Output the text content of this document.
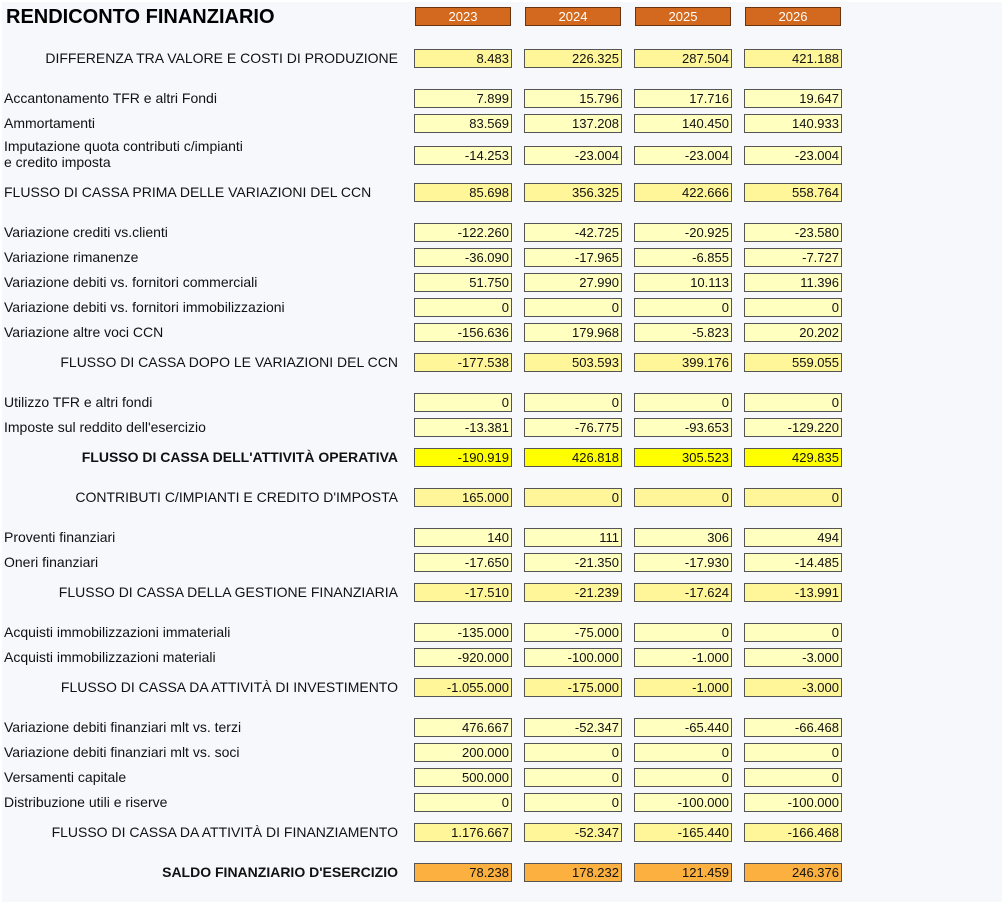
RENDICONTO FINANZIARIO	2023	2024	2025	2026
DIFFERENZA TRA VALORE E COSTI DI PRODUZIONE	8.483	226.325	287.504	421.188
Accantonamento TFR e altri Fondi	7.899	15.796	17.716	19.647
Ammortamenti	83.569	137.208	140.450	140.933
Imputazione quota contributi c/impianti
e credito imposta	-14.253	-23.004	-23.004	-23.004
FLUSSO DI CASSA PRIMA DELLE VARIAZIONI DEL CCN	85.698	356.325	422.666	558.764
Variazione crediti vs.clienti	-122.260	-42.725	-20.925	-23.580
Variazione rimanenze	-36.090	-17.965	-6.855	-7.727
Variazione debiti vs. fornitori commerciali	51.750	27.990	10.113	11.396
Variazione debiti vs. fornitori immobilizzazioni	0	0	0	0
Variazione altre voci CCN	-156.636	179.968	-5.823	20.202
FLUSSO DI CASSA DOPO LE VARIAZIONI DEL CCN	-177.538	503.593	399.176	559.055
Utilizzo TFR e altri fondi	0	0	0	0
Imposte sul reddito dell'esercizio	-13.381	-76.775	-93.653	-129.220
FLUSSO DI CASSA DELL'ATTIVITÀ OPERATIVA	-190.919	426.818	305.523	429.835
CONTRIBUTI C/IMPIANTI E CREDITO D'IMPOSTA	165.000	0	0	0
Proventi finanziari	140	111	306	494
Oneri finanziari	-17.650	-21.350	-17.930	-14.485
FLUSSO DI CASSA DELLA GESTIONE FINANZIARIA	-17.510	-21.239	-17.624	-13.991
Acquisti immobilizzazioni immateriali	-135.000	-75.000	0	0
Acquisti immobilizzazioni materiali	-920.000	-100.000	-1.000	-3.000
FLUSSO DI CASSA DA ATTIVITÀ DI INVESTIMENTO	-1.055.000	-175.000	-1.000	-3.000
Variazione debiti finanziari mlt vs. terzi	476.667	-52.347	-65.440	-66.468
Variazione debiti finanziari mlt vs. soci	200.000	0	0	0
Versamenti capitale	500.000	0	0	0
Distribuzione utili e riserve	0	0	-100.000	-100.000
FLUSSO DI CASSA DA ATTIVITÀ DI FINANZIAMENTO	1.176.667	-52.347	-165.440	-166.468
SALDO FINANZIARIO D'ESERCIZIO	78.238	178.232	121.459	246.376
